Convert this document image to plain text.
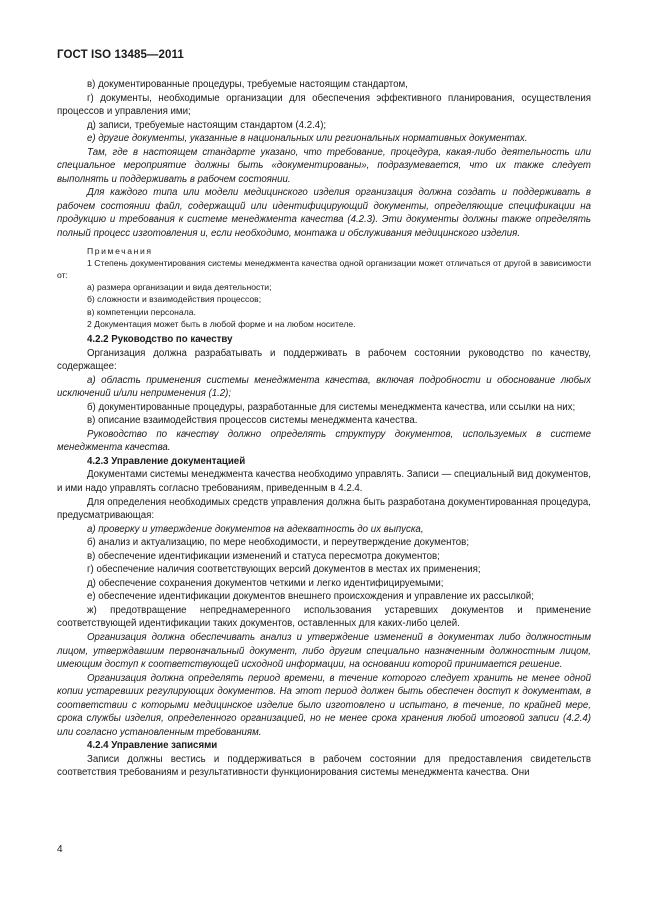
ГОСТ ISO 13485—2011

в) документированные процедуры, требуемые настоящим стандартом,

г) документы, необходимые организации для обеспечения эффективного планирования, осуществления процессов и управления ими;

д) записи, требуемые настоящим стандартом (4.2.4);

е) другие документы, указанные в национальных или региональных нормативных документах.

Там, где в настоящем стандарте указано, что требование, процедура, какая-либо деятельность или специальное мероприятие должны быть «документированы», подразумевается, что их также следует выполнять и поддерживать в рабочем состоянии.

Для каждого типа или модели медицинского изделия организация должна создать и поддерживать в рабочем состоянии файл, содержащий или идентифицирующий документы, определяющие спецификации на продукцию и требования к системе менеджмента качества (4.2.3). Эти документы должны также определять полный процесс изготовления и, если необходимо, монтажа и обслуживания медицинского изделия.

Примечания

1 Степень документирования системы менеджмента качества одной организации может отличаться от другой в зависимости от:

а) размера организации и вида деятельности;

б) сложности и взаимодействия процессов;

в) компетенции персонала.

2 Документация может быть в любой форме и на любом носителе.

4.2.2 Руководство по качеству

Организация должна разрабатывать и поддерживать в рабочем состоянии руководство по качеству, содержащее:

а) область применения системы менеджмента качества, включая подробности и обоснование любых исключений и/или неприменения (1.2);

б) документированные процедуры, разработанные для системы менеджмента качества, или ссылки на них;

в) описание взаимодействия процессов системы менеджмента качества.

Руководство по качеству должно определять структуру документов, используемых в системе менеджмента качества.

4.2.3 Управление документацией

Документами системы менеджмента качества необходимо управлять. Записи — специальный вид документов, и ими надо управлять согласно требованиям, приведенным в 4.2.4.

Для определения необходимых средств управления должна быть разработана документированная процедура, предусматривающая:

а) проверку и утверждение документов на адекватность до их выпуска,

б) анализ и актуализацию, по мере необходимости, и переутверждение документов;

в) обеспечение идентификации изменений и статуса пересмотра документов;

г) обеспечение наличия соответствующих версий документов в местах их применения;

д) обеспечение сохранения документов четкими и легко идентифицируемыми;

е) обеспечение идентификации документов внешнего происхождения и управление их рассылкой;

ж) предотвращение непреднамеренного использования устаревших документов и применение соответствующей идентификации таких документов, оставленных для каких-либо целей.

Организация должна обеспечивать анализ и утверждение изменений в документах либо должностным лицом, утверждавшим первоначальный документ, либо другим специально назначенным должностным лицом, имеющим доступ к соответствующей исходной информации, на основании которой принимается решение.

Организация должна определять период времени, в течение которого следует хранить не менее одной копии устаревших регулирующих документов. На этот период должен быть обеспечен доступ к документам, в соответствии с которыми медицинское изделие было изготовлено и испытано, в течение, по крайней мере, срока службы изделия, определенного организацией, но не менее срока хранения любой итоговой записи (4.2.4) или согласно установленным требованиям.

4.2.4 Управление записями

Записи должны вестись и поддерживаться в рабочем состоянии для предоставления свидетельств соответствия требованиям и результативности функционирования системы менеджмента качества. Они

4
